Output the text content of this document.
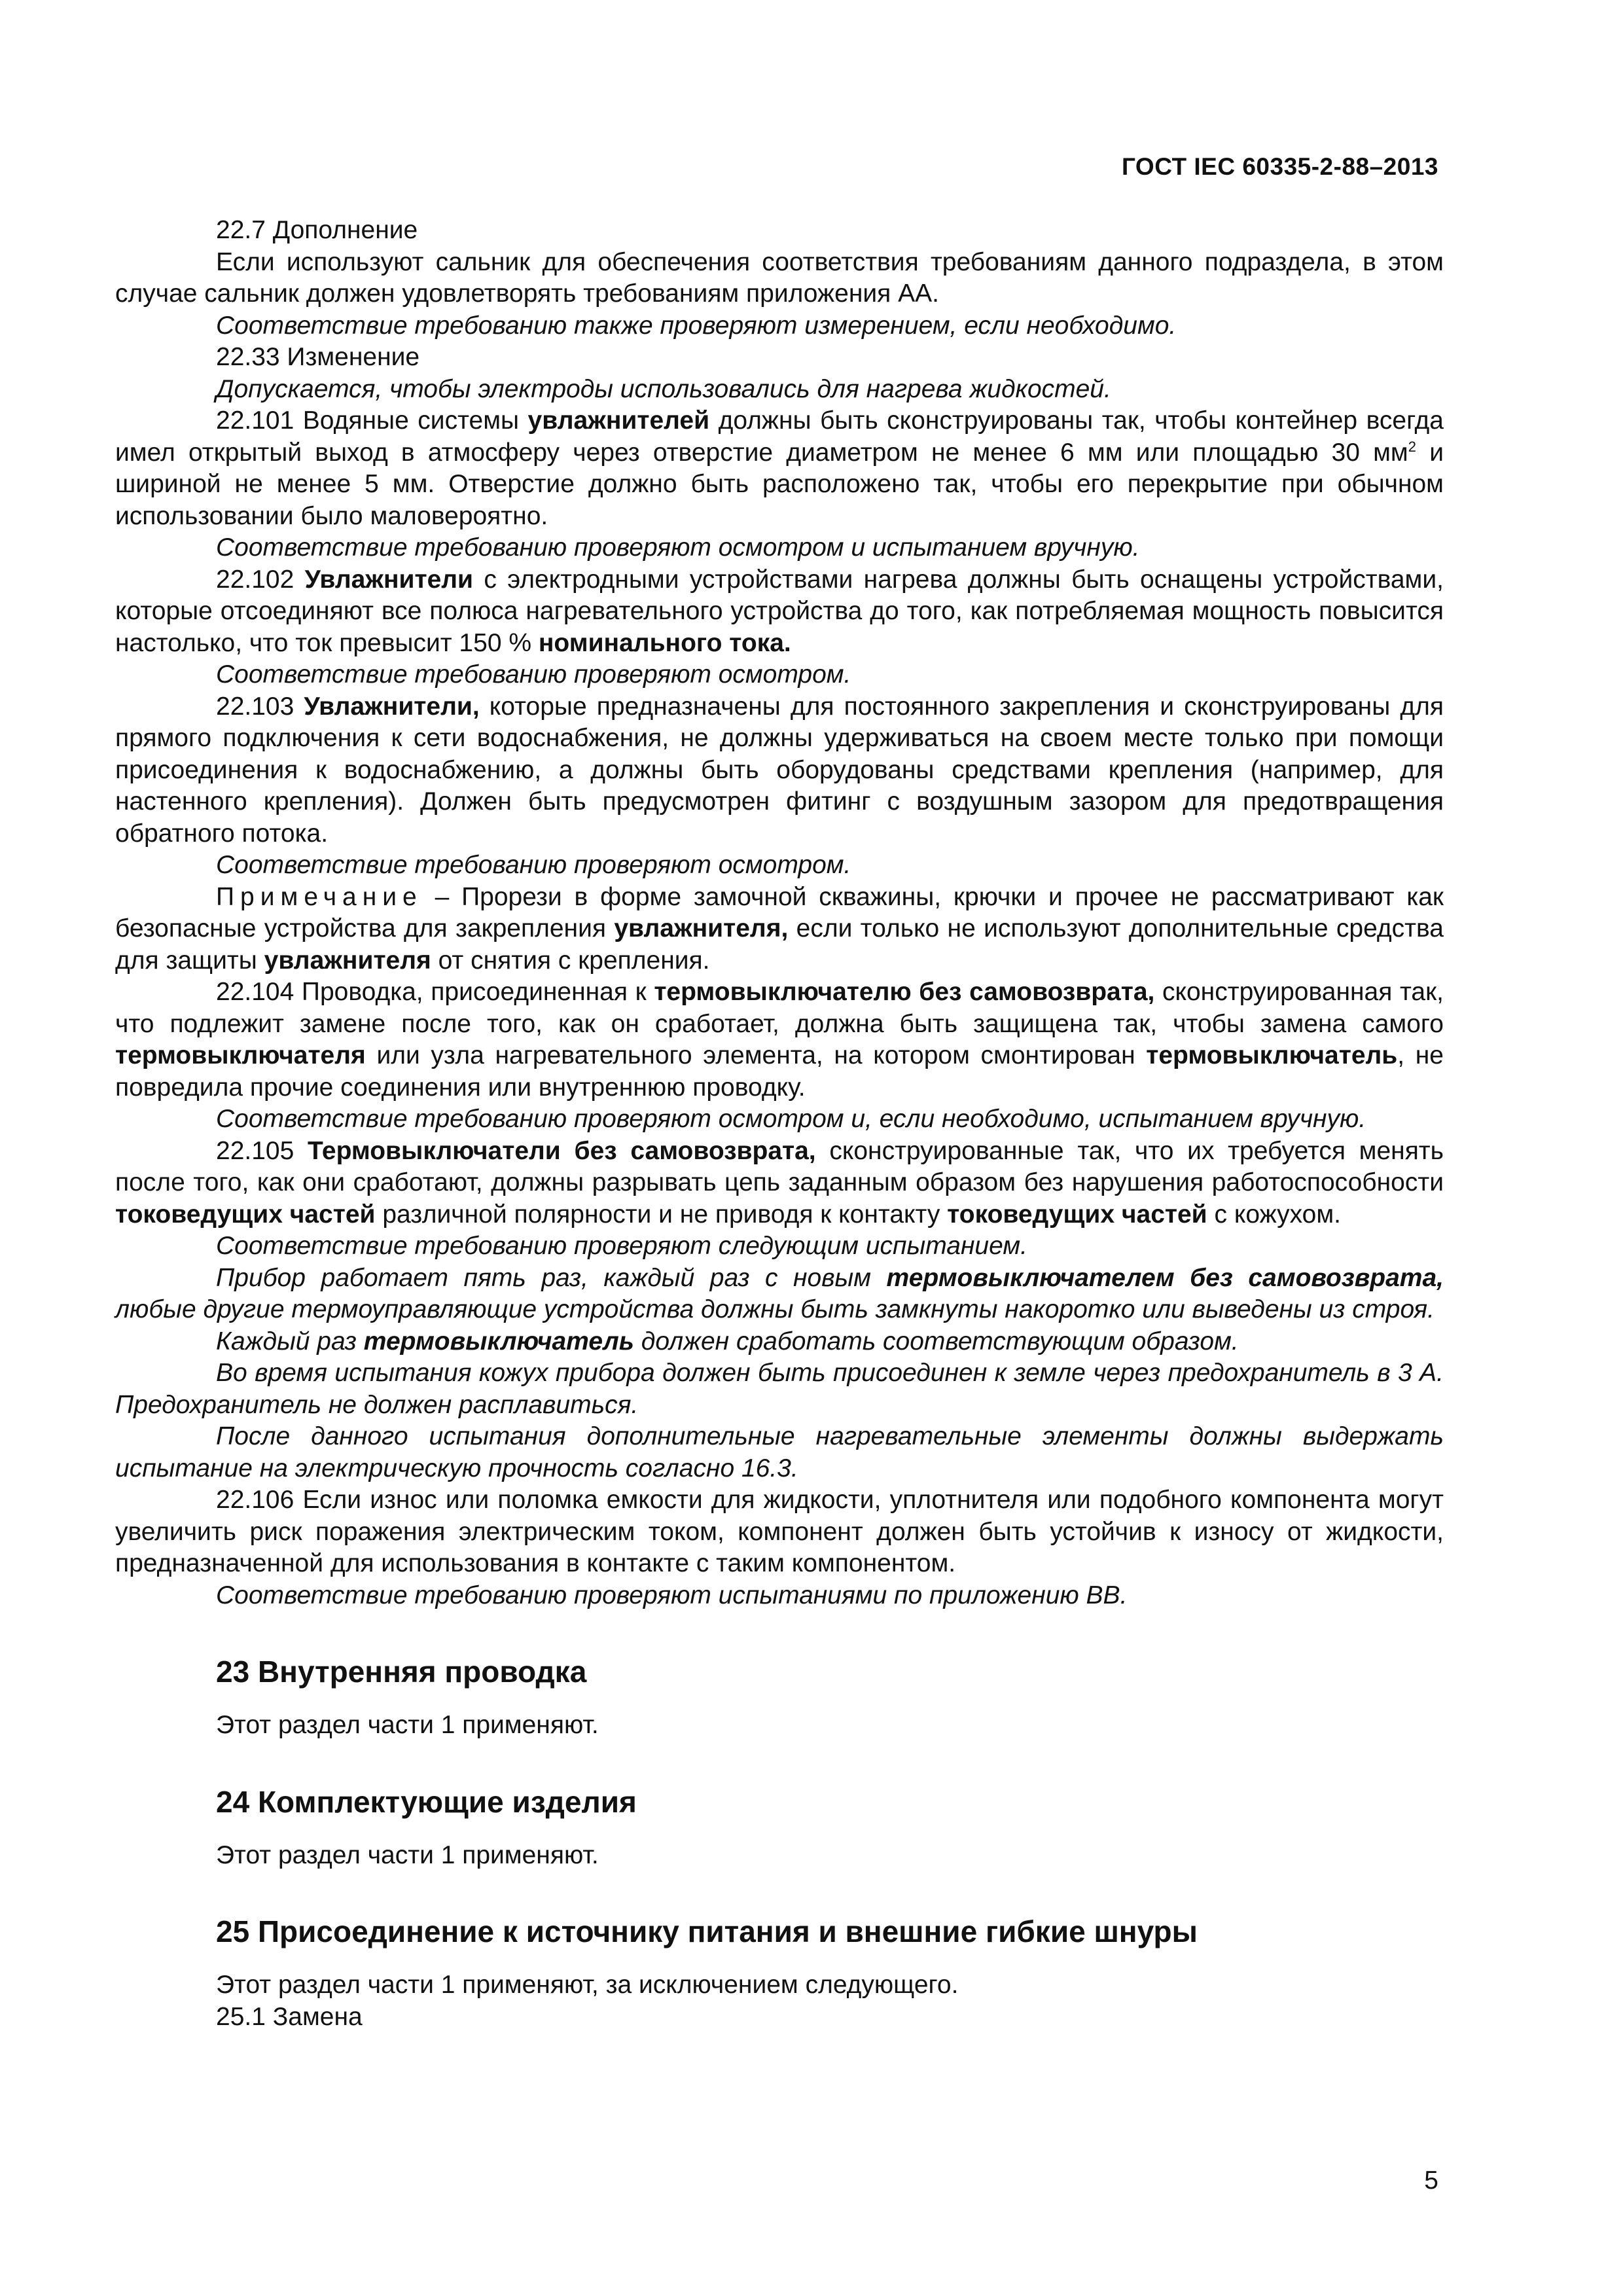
ГОСТ IEC 60335-2-88–2013

22.7 Дополнение

Если используют сальник для обеспечения соответствия требованиям данного подраздела, в этом случае сальник должен удовлетворять требованиям приложения АА.

Соответствие требованию также проверяют измерением, если необходимо.

22.33 Изменение

Допускается, чтобы электроды использовались для нагрева жидкостей.

22.101 Водяные системы увлажнителей должны быть сконструированы так, чтобы контейнер всегда имел открытый выход в атмосферу через отверстие диаметром не менее 6 мм или площадью 30 $мм^2$ и шириной не менее 5 мм. Отверстие должно быть расположено так, чтобы его перекрытие при обычном использовании было маловероятно.

Соответствие требованию проверяют осмотром и испытанием вручную.

22.102 Увлажнители с электродными устройствами нагрева должны быть оснащены устройствами, которые отсоединяют все полюса нагревательного устройства до того, как потребляемая мощность повысится настолько, что ток превысит 150 % номинального тока.

Соответствие требованию проверяют осмотром.

22.103 Увлажнители, которые предназначены для постоянного закрепления и сконструированы для прямого подключения к сети водоснабжения, не должны удерживаться на своем месте только при помощи присоединения к водоснабжению, а должны быть оборудованы средствами крепления (например, для настенного крепления). Должен быть предусмотрен фитинг с воздушным зазором для предотвращения обратного потока.

Соответствие требованию проверяют осмотром.

Примечание – Прорези в форме замочной скважины, крючки и прочее не рассматривают как безопасные устройства для закрепления увлажнителя, если только не используют дополнительные средства для защиты увлажнителя от снятия с крепления.

22.104 Проводка, присоединенная к термовыключателю без самовозврата, сконструированная так, что подлежит замене после того, как он сработает, должна быть защищена так, чтобы замена самого термовыключателя или узла нагревательного элемента, на котором смонтирован термовыключатель, не повредила прочие соединения или внутреннюю проводку.

Соответствие требованию проверяют осмотром и, если необходимо, испытанием вручную.

22.105 Термовыключатели без самовозврата, сконструированные так, что их требуется менять после того, как они сработают, должны разрывать цепь заданным образом без нарушения работоспособности токоведущих частей различной полярности и не приводя к контакту токоведущих частей с кожухом.

Соответствие требованию проверяют следующим испытанием.

Прибор работает пять раз, каждый раз с новым термовыключателем без самовозврата, любые другие термоуправляющие устройства должны быть замкнуты накоротко или выведены из строя.

Каждый раз термовыключатель должен сработать соответствующим образом.

Во время испытания кожух прибора должен быть присоединен к земле через предохранитель в 3 А. Предохранитель не должен расплавиться.

После данного испытания дополнительные нагревательные элементы должны выдержать испытание на электрическую прочность согласно 16.3.

22.106 Если износ или поломка емкости для жидкости, уплотнителя или подобного компонента могут увеличить риск поражения электрическим током, компонент должен быть устойчив к износу от жидкости, предназначенной для использования в контакте с таким компонентом.

Соответствие требованию проверяют испытаниями по приложению ВВ.

23 Внутренняя проводка

Этот раздел части 1 применяют.

24 Комплектующие изделия

Этот раздел части 1 применяют.

25 Присоединение к источнику питания и внешние гибкие шнуры

Этот раздел части 1 применяют, за исключением следующего.

25.1 Замена

5
